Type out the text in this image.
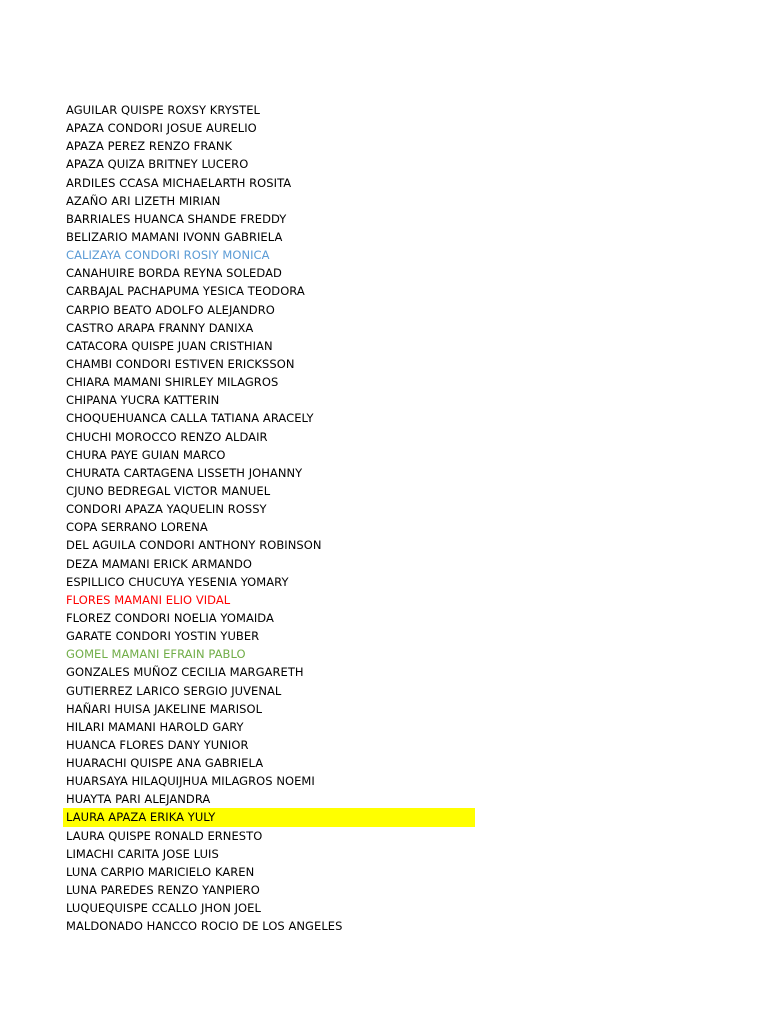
AGUILAR QUISPE ROXSY KRYSTEL
APAZA CONDORI JOSUE AURELIO
APAZA PEREZ RENZO FRANK
APAZA QUIZA BRITNEY LUCERO
ARDILES CCASA MICHAELARTH ROSITA
AZAÑO ARI LIZETH MIRIAN
BARRIALES HUANCA SHANDE FREDDY
BELIZARIO MAMANI IVONN GABRIELA
CALIZAYA CONDORI ROSIY MONICA
CANAHUIRE BORDA REYNA SOLEDAD
CARBAJAL PACHAPUMA YESICA TEODORA
CARPIO BEATO ADOLFO ALEJANDRO
CASTRO ARAPA FRANNY DANIXA
CATACORA QUISPE JUAN CRISTHIAN
CHAMBI CONDORI ESTIVEN ERICKSSON
CHIARA MAMANI SHIRLEY MILAGROS
CHIPANA YUCRA KATTERIN
CHOQUEHUANCA CALLA TATIANA ARACELY
CHUCHI MOROCCO RENZO ALDAIR
CHURA PAYE GUIAN MARCO
CHURATA CARTAGENA LISSETH JOHANNY
CJUNO BEDREGAL VICTOR MANUEL
CONDORI APAZA YAQUELIN ROSSY
COPA SERRANO LORENA
DEL AGUILA CONDORI ANTHONY ROBINSON
DEZA MAMANI ERICK ARMANDO
ESPILLICO CHUCUYA YESENIA YOMARY
FLORES MAMANI ELIO VIDAL
FLOREZ CONDORI NOELIA YOMAIDA
GARATE CONDORI YOSTIN YUBER
GOMEL MAMANI EFRAIN PABLO
GONZALES MUÑOZ CECILIA MARGARETH
GUTIERREZ LARICO SERGIO JUVENAL
HAÑARI HUISA JAKELINE MARISOL
HILARI MAMANI HAROLD GARY
HUANCA FLORES DANY YUNIOR
HUARACHI QUISPE ANA GABRIELA
HUARSAYA HILAQUIJHUA MILAGROS NOEMI
HUAYTA PARI ALEJANDRA
LAURA APAZA ERIKA YULY
LAURA QUISPE RONALD ERNESTO
LIMACHI CARITA JOSE LUIS
LUNA CARPIO MARICIELO KAREN
LUNA PAREDES RENZO YANPIERO
LUQUEQUISPE CCALLO JHON JOEL
MALDONADO HANCCO ROCIO DE LOS ANGELES
